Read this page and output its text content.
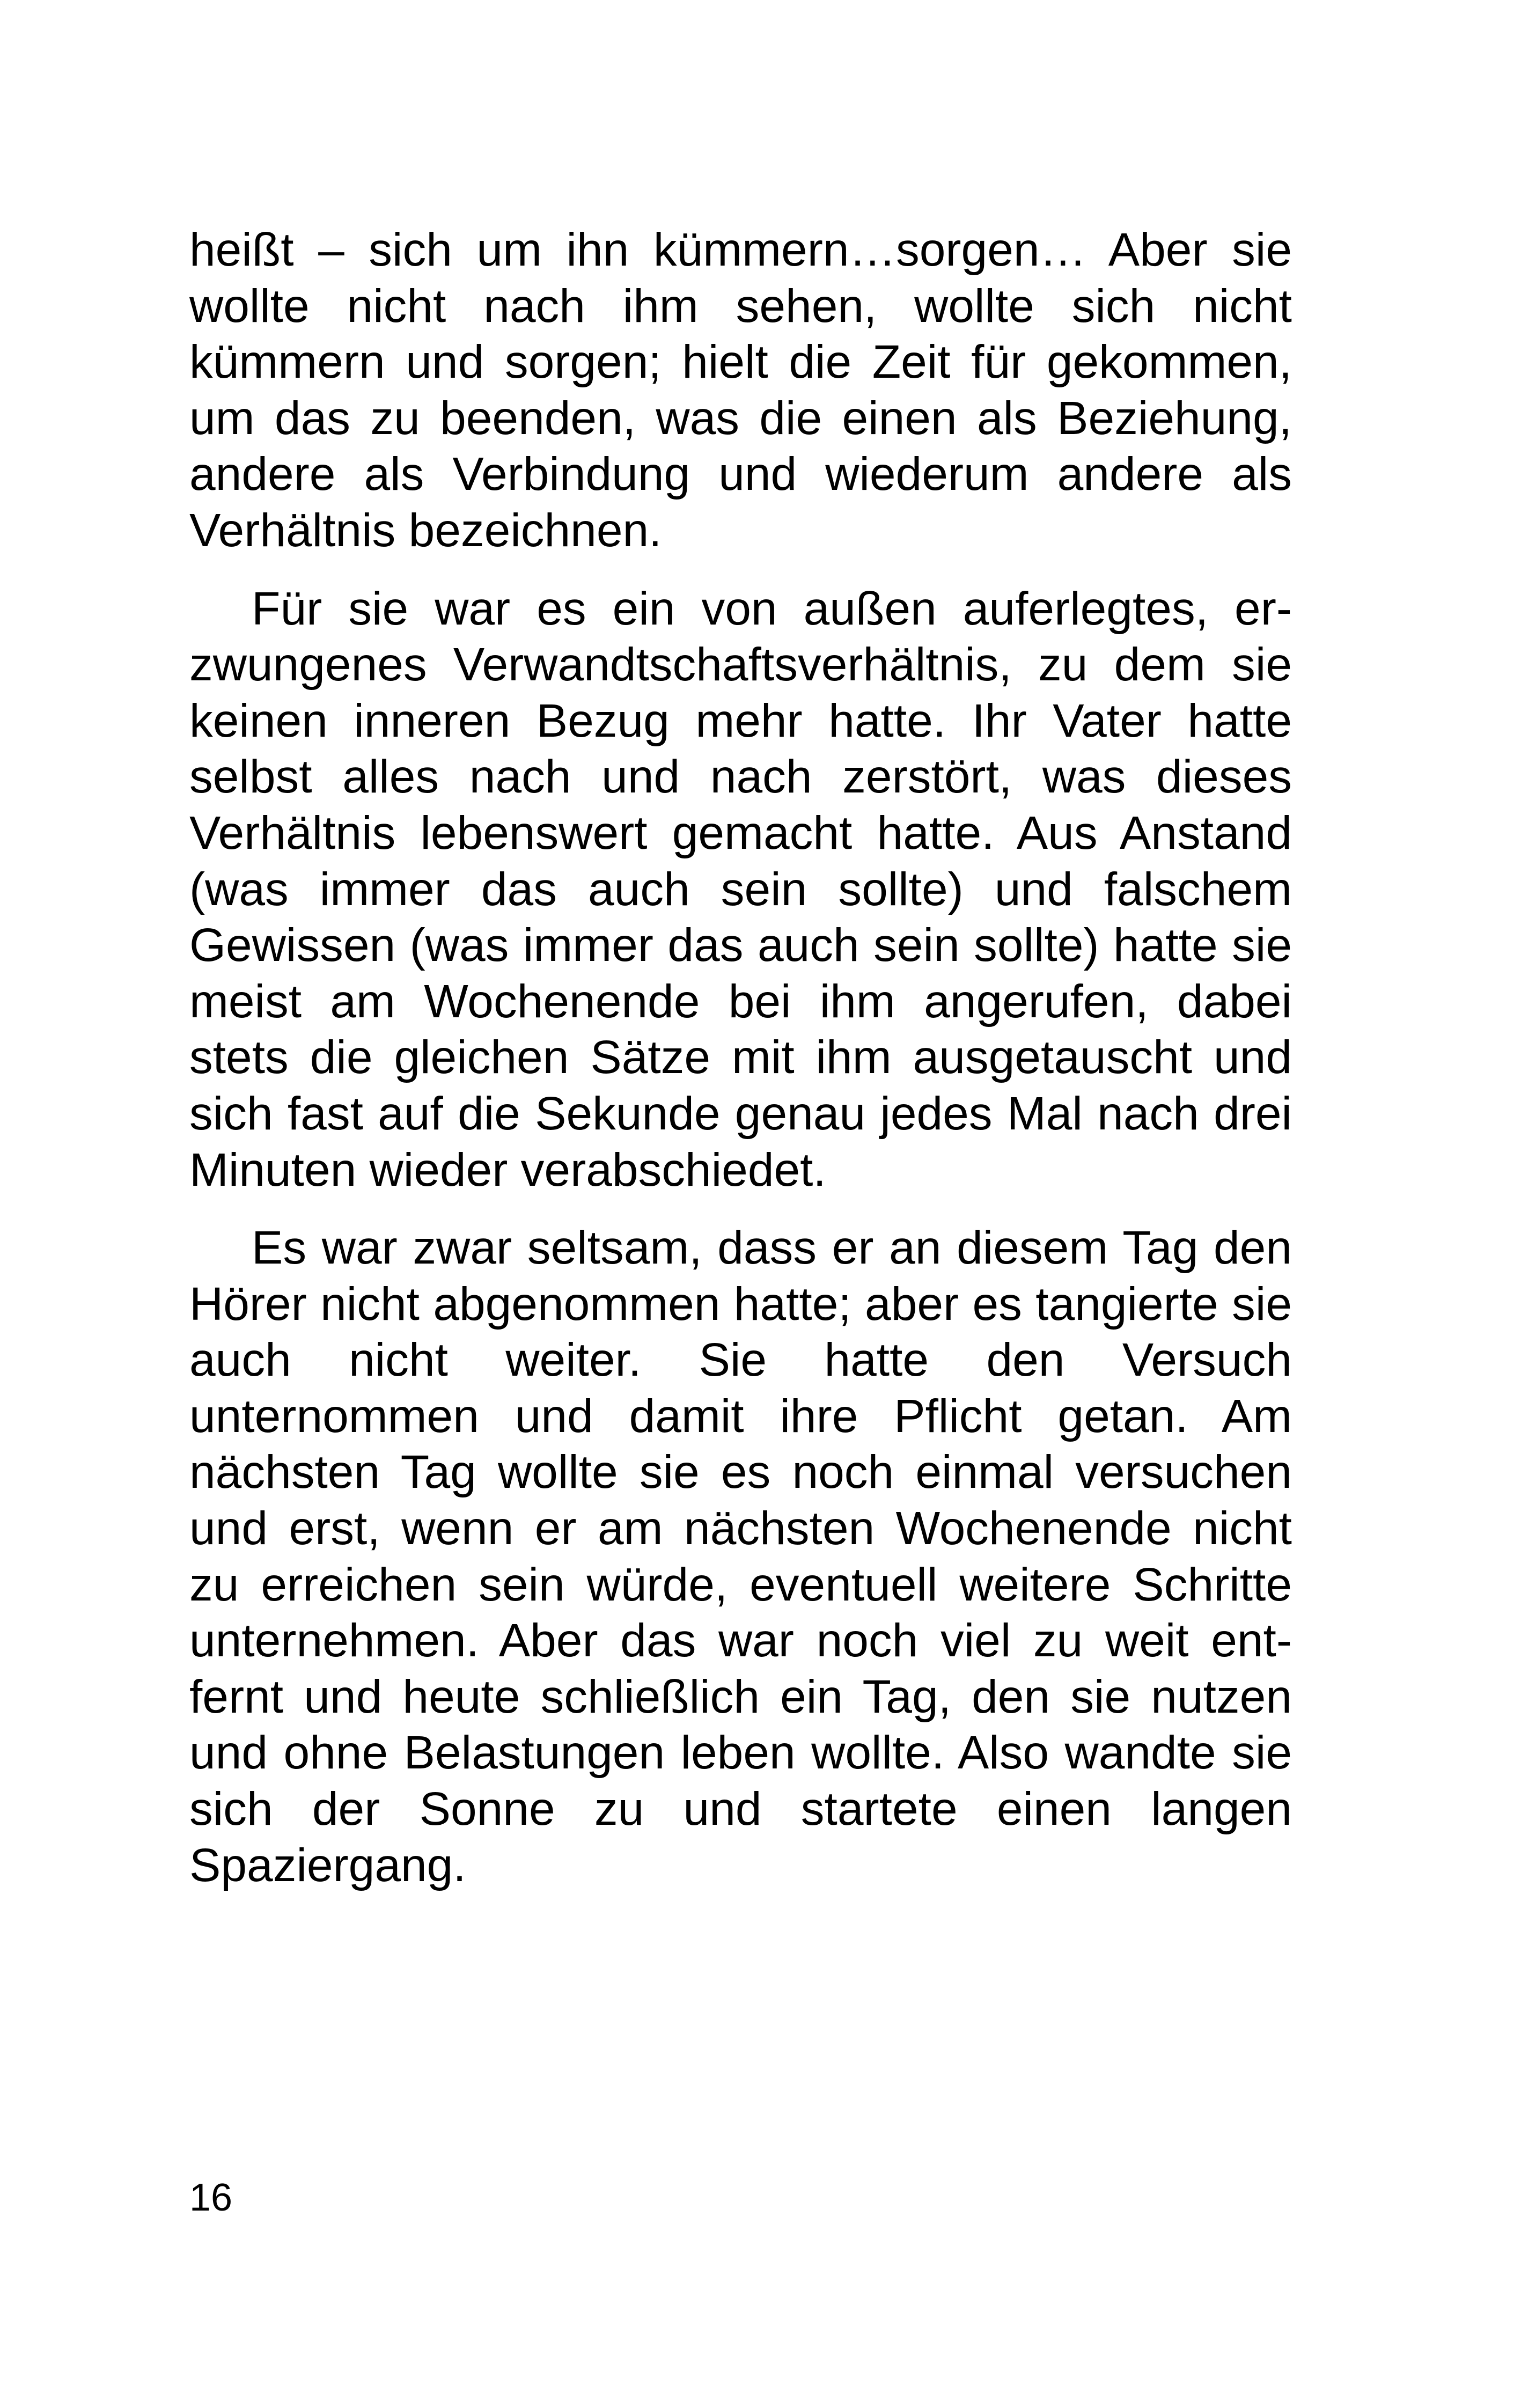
heißt – sich um ihn kümmern…sorgen… Aber sie wollte nicht nach ihm sehen, wollte sich nicht kümmern und sorgen; hielt die Zeit für gekommen, um das zu beenden, was die einen als Beziehung, andere als Verbindung und wiederum andere als Verhältnis bezeichnen.

Für sie war es ein von außen auferlegtes, erzwungenes Verwandtschaftsverhältnis, zu dem sie keinen inneren Bezug mehr hatte. Ihr Vater hatte selbst alles nach und nach zerstört, was dieses Verhältnis lebenswert gemacht hatte. Aus Anstand (was immer das auch sein sollte) und falschem Gewissen (was immer das auch sein sollte) hatte sie meist am Wochenende bei ihm angerufen, dabei stets die gleichen Sätze mit ihm ausgetauscht und sich fast auf die Sekunde genau jedes Mal nach drei Minuten wieder verabschiedet.

Es war zwar seltsam, dass er an diesem Tag den Hörer nicht abgenommen hatte; aber es tangierte sie auch nicht weiter. Sie hatte den Versuch unternommen und damit ihre Pflicht getan. Am nächsten Tag wollte sie es noch einmal versuchen und erst, wenn er am nächsten Wochenende nicht zu erreichen sein würde, eventuell weitere Schritte unternehmen. Aber das war noch viel zu weit entfernt und heute schließlich ein Tag, den sie nutzen und ohne Belastungen leben wollte. Also wandte sie sich der Sonne zu und startete einen langen Spaziergang.

16
